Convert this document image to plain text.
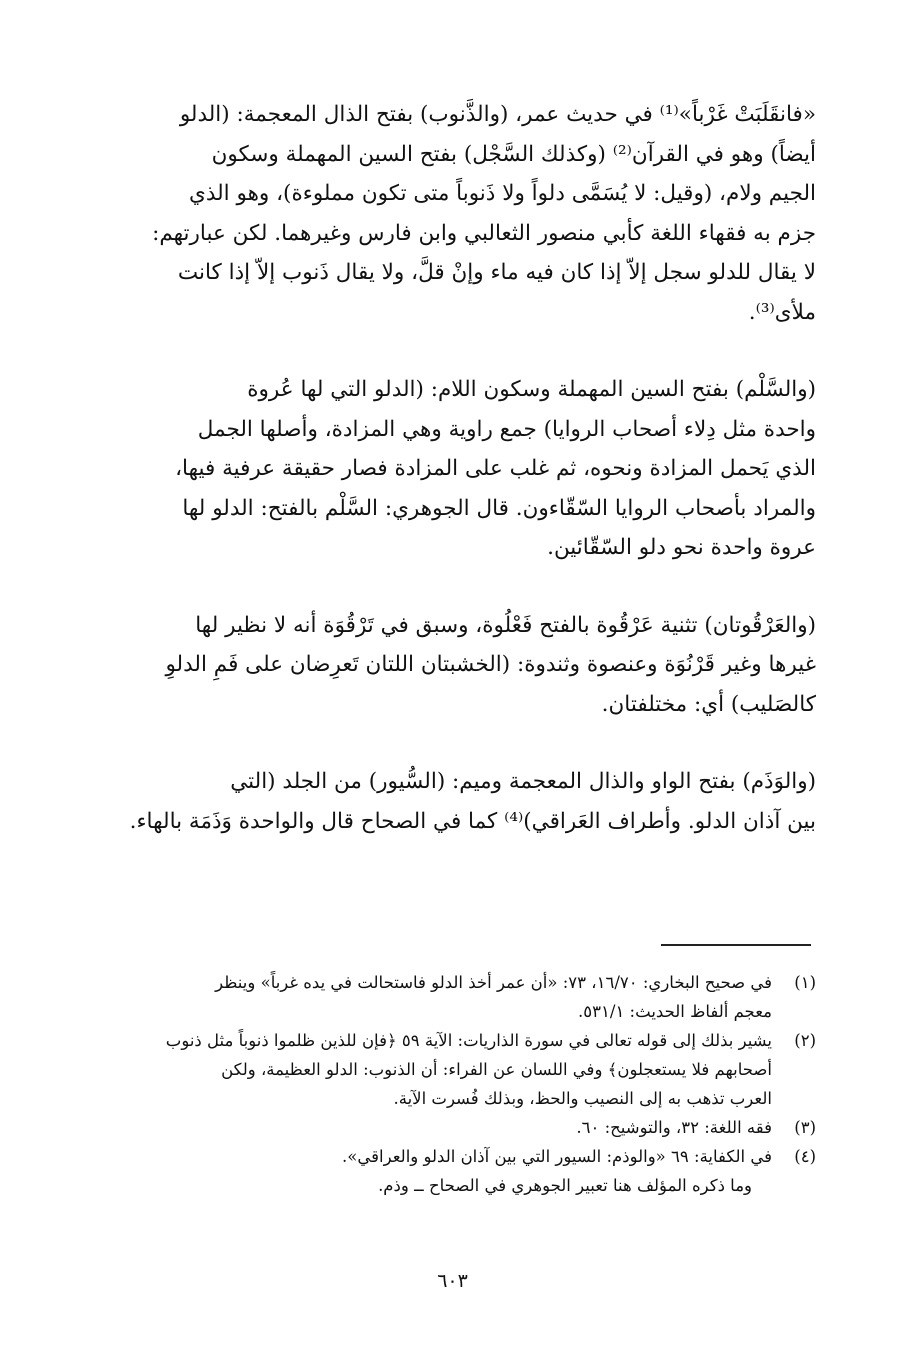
«فانقَلَبَتْ غَرْباً»⁽¹⁾ في حديث عمر، (والذَّنوب) بفتح الذال المعجمة: (الدلو

أيضاً) وهو في القرآن⁽²⁾ (وكذلك السَّجْل) بفتح السين المهملة وسكون

الجيم ولام، (وقيل: لا يُسَمَّى دلواً ولا ذَنوباً متى تكون مملوءة)، وهو الذي

جزم به فقهاء اللغة كأبي منصور الثعالبي وابن فارس وغيرهما. لكن عبارتهم:

لا يقال للدلو سجل إلاّ إذا كان فيه ماء وإنْ قلَّ، ولا يقال ذَنوب إلاّ إذا كانت

ملأى⁽³⁾.

(والسَّلْم) بفتح السين المهملة وسكون اللام: (الدلو التي لها عُروة

واحدة مثل دِلاء أصحاب الروايا) جمع راوية وهي المزادة، وأصلها الجمل

الذي يَحمل المزادة ونحوه، ثم غلب على المزادة فصار حقيقة عرفية فيها،

والمراد بأصحاب الروايا السّقّاءون. قال الجوهري: السَّلْم بالفتح: الدلو لها

عروة واحدة نحو دلو السّقّائين.

(والعَرْقُوتان) تثنية عَرْقُوة بالفتح فَعْلُوة، وسبق في تَرْقُوَة أنه لا نظير لها

غيرها وغير قَرْنُوَة وعنصوة وثندوة: (الخشبتان اللتان تَعرِضان على فَمِ الدلوِ

كالصَليب) أي: مختلفتان.

(والوَذَم) بفتح الواو والذال المعجمة وميم: (السُّيور) من الجلد (التي

بين آذان الدلو. وأطراف العَراقي)⁽⁴⁾ كما في الصحاح قال والواحدة وَذَمَة بالهاء.

(١)
في صحيح البخاري: ١٦/٧٠، ٧٣: «أن عمر أخذ الدلو فاستحالت في يده غرباً» وينظر
معجم ألفاظ الحديث: ٥٣١/١.
(٢)
يشير بذلك إلى قوله تعالى في سورة الذاريات: الآية ٥٩ ﴿فإن للذين ظلموا ذنوباً مثل ذنوب
أصحابهم فلا يستعجلون﴾ وفي اللسان عن الفراء: أن الذنوب: الدلو العظيمة، ولكن
العرب تذهب به إلى النصيب والحظ، وبذلك فُسرت الآية.
(٣)
فقه اللغة: ٣٢، والتوشيح: ٦٠.
(٤)
في الكفاية: ٦٩ «والوذم: السيور التي بين آذان الدلو والعراقي».
وما ذكره المؤلف هنا تعبير الجوهري في الصحاح ــ وذم.
٦٠٣
